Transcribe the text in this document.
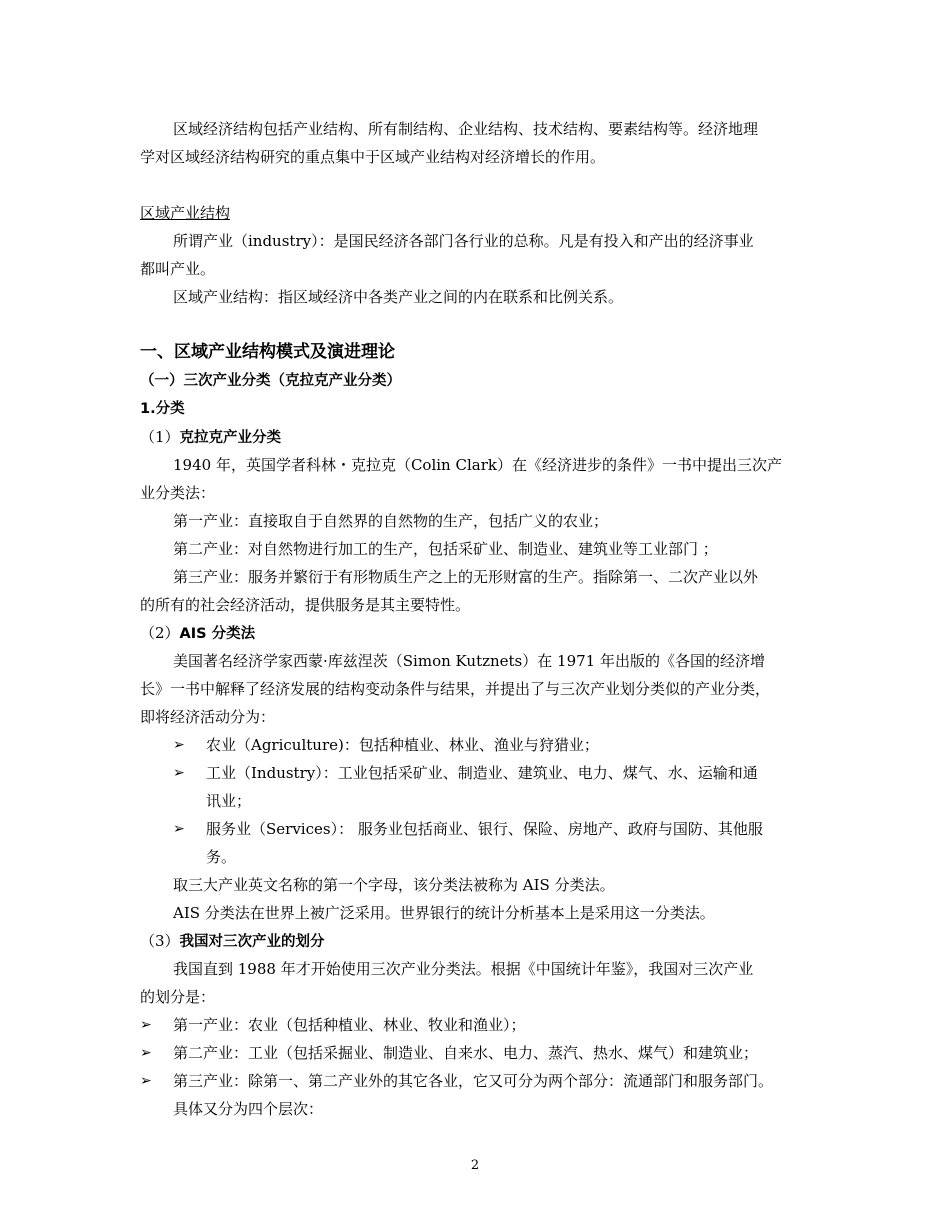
区域经济结构包括产业结构、所有制结构、企业结构、技术结构、要素结构等。经济地理
学对区域经济结构研究的重点集中于区域产业结构对经济增长的作用。
区域产业结构
所谓产业（industry）：是国民经济各部门各行业的总称。凡是有投入和产出的经济事业
都叫产业。
区域产业结构：指区域经济中各类产业之间的内在联系和比例关系。
一、区域产业结构模式及演进理论
（一）三次产业分类（克拉克产业分类）
1.分类
（1）克拉克产业分类
1940 年，英国学者科林・克拉克（Colin Clark）在《经济进步的条件》一书中提出三次产
业分类法：
第一产业：直接取自于自然界的自然物的生产，包括广义的农业；
第二产业：对自然物进行加工的生产，包括采矿业、制造业、建筑业等工业部门 ；
第三产业：服务并繁衍于有形物质生产之上的无形财富的生产。指除第一、二次产业以外
的所有的社会经济活动，提供服务是其主要特性。
（2）AIS 分类法
美国著名经济学家西蒙·库兹涅茨（Simon Kutznets）在 1971 年出版的《各国的经济增
长》一书中解释了经济发展的结构变动条件与结果，并提出了与三次产业划分类似的产业分类，
即将经济活动分为：
➢ 农业（Agriculture)：包括种植业、林业、渔业与狩猎业；
➢ 工业（Industry）：工业包括采矿业、制造业、建筑业、电力、煤气、水、运输和通
讯业；
➢ 服务业（Services）： 服务业包括商业、银行、保险、房地产、政府与国防、其他服
务。
取三大产业英文名称的第一个字母，该分类法被称为 AIS 分类法。
AIS 分类法在世界上被广泛采用。世界银行的统计分析基本上是采用这一分类法。
（3）我国对三次产业的划分
我国直到 1988 年才开始使用三次产业分类法。根据《中国统计年鉴》，我国对三次产业
的划分是：
➢ 第一产业：农业（包括种植业、林业、牧业和渔业）；
➢ 第二产业：工业（包括采掘业、制造业、自来水、电力、蒸汽、热水、煤气）和建筑业；
➢ 第三产业：除第一、第二产业外的其它各业，它又可分为两个部分：流通部门和服务部门。
具体又分为四个层次：
2
